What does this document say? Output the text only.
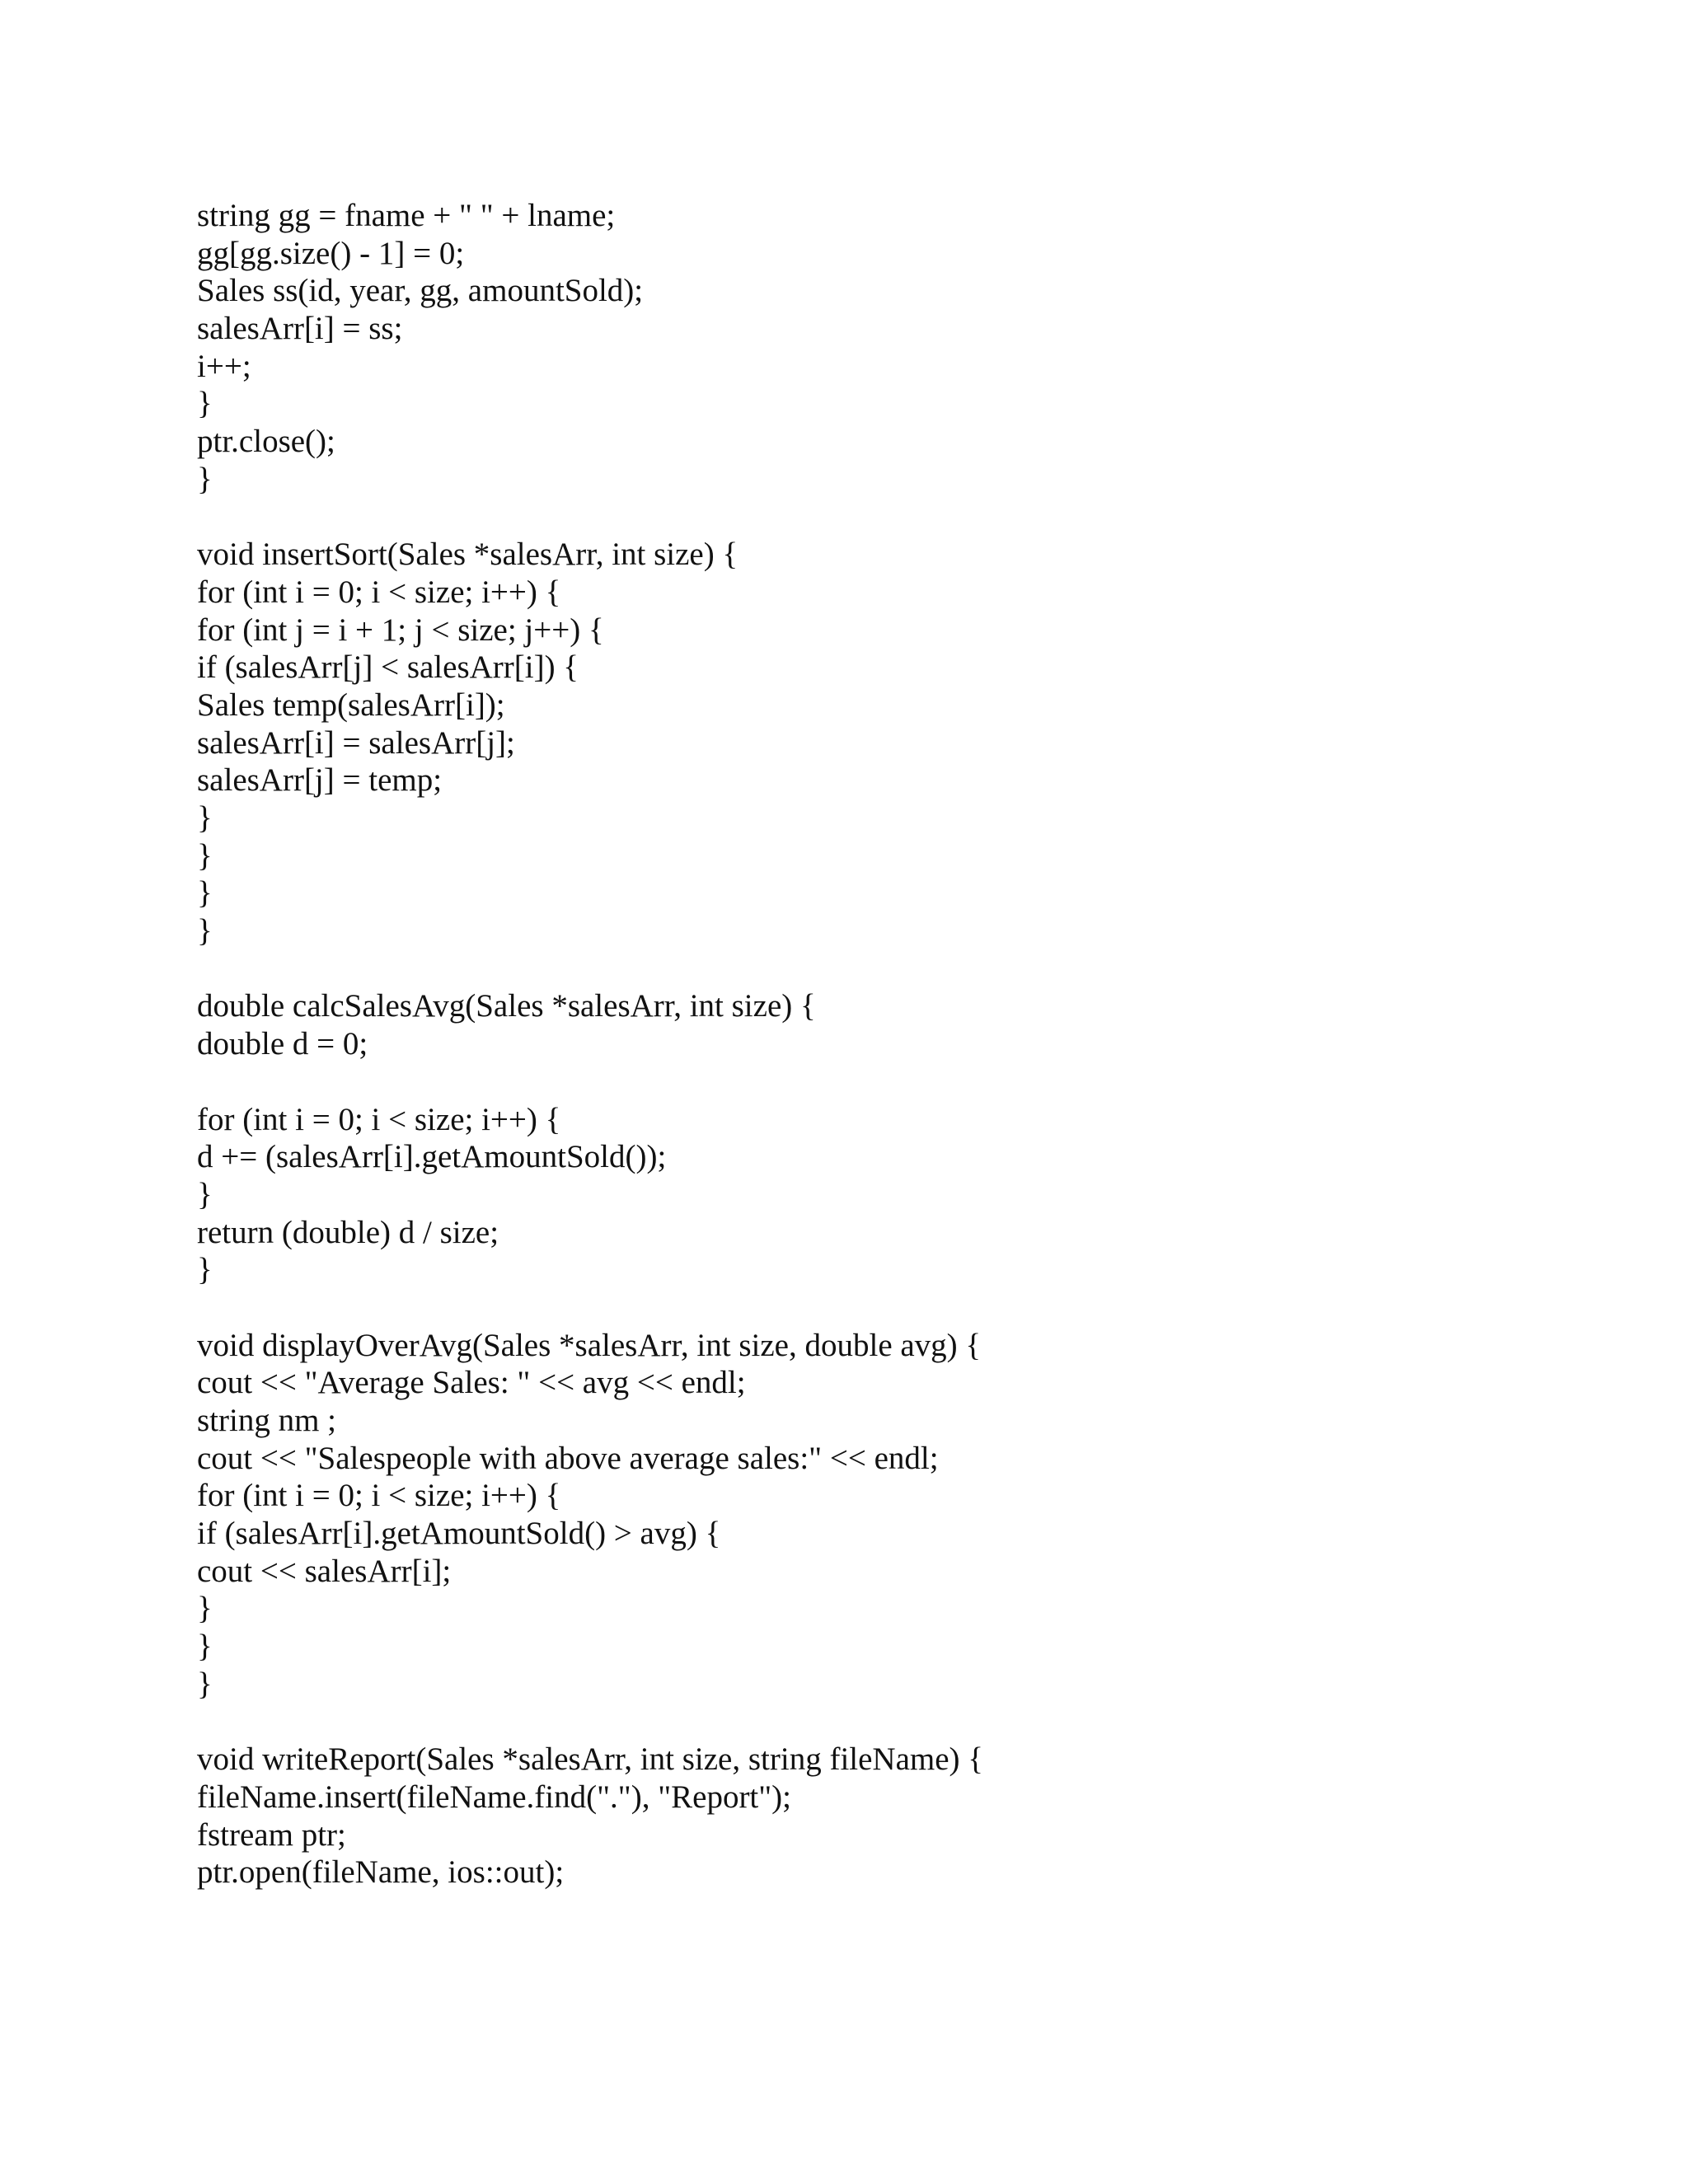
string gg = fname + " " + lname;
gg[gg.size() - 1] = 0;
Sales ss(id, year, gg, amountSold);
salesArr[i] = ss;
i++;
}
ptr.close();
}
void insertSort(Sales *salesArr, int size) {
for (int i = 0; i < size; i++) {
for (int j = i + 1; j < size; j++) {
if (salesArr[j] < salesArr[i]) {
Sales temp(salesArr[i]);
salesArr[i] = salesArr[j];
salesArr[j] = temp;
}
}
}
}
double calcSalesAvg(Sales *salesArr, int size) {
double d = 0;
for (int i = 0; i < size; i++) {
d += (salesArr[i].getAmountSold());
}
return (double) d / size;
}
void displayOverAvg(Sales *salesArr, int size, double avg) {
cout << "Average Sales: " << avg << endl;
string nm ;
cout << "Salespeople with above average sales:" << endl;
for (int i = 0; i < size; i++) {
if (salesArr[i].getAmountSold() > avg) {
cout << salesArr[i];
}
}
}
void writeReport(Sales *salesArr, int size, string fileName) {
fileName.insert(fileName.find("."), "Report");
fstream ptr;
ptr.open(fileName, ios::out);
